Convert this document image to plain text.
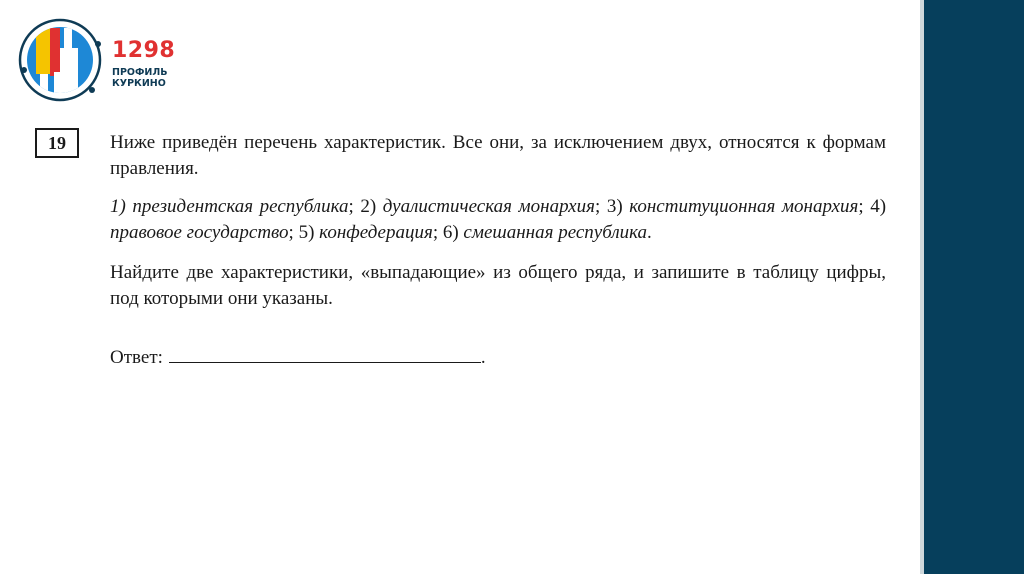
1298
ПРОФИЛЬ
КУРКИНО
19	Ниже приведён перечень характеристик. Все они, за исключением двух, относятся к формам правления.

1) президентская республика; 2) дуалистическая монархия; 3) конституционная монархия; 4) правовое государство; 5) конфедерация; 6) смешанная республика.

Найдите две характеристики, «выпадающие» из общего ряда, и запишите в таблицу цифры, под которыми они указаны.

Ответ:	.
